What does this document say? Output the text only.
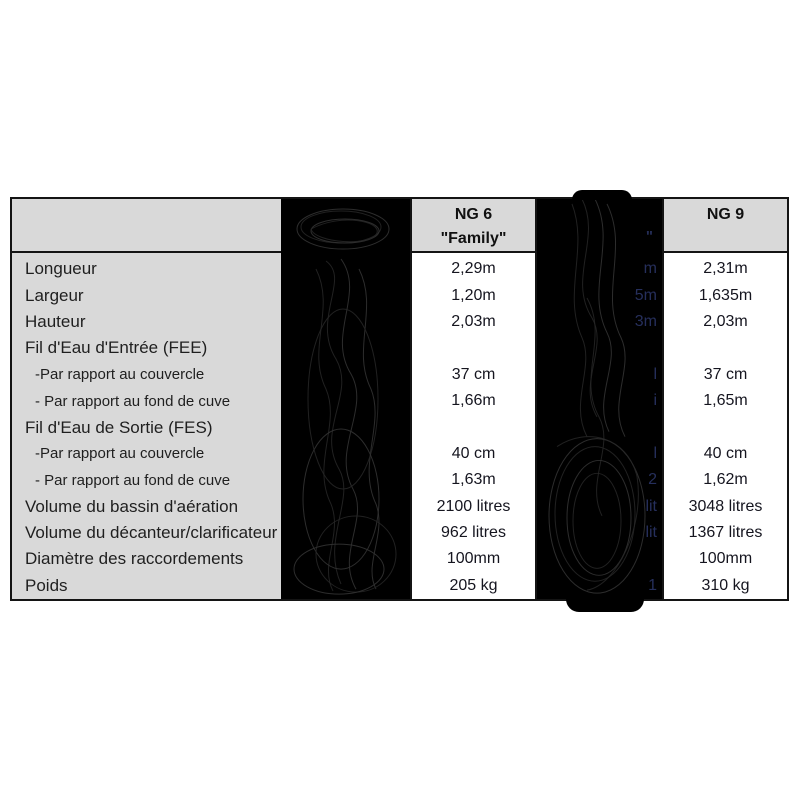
NG 6
"Family"	"
m
5m
3m
l
i
l
2
lit
lit
1
NG 9
Longueur
Largeur
Hauteur
Fil d'Eau d'Entrée (FEE)
-Par rapport au couvercle
- Par rapport au fond de cuve
Fil d'Eau de Sortie (FES)
-Par rapport au couvercle
- Par rapport au fond de cuve
Volume du bassin d'aération
Volume du décanteur/clarificateur
Diamètre des raccordements
Poids
2,29m
1,20m
2,03m
37 cm
1,66m
40 cm
1,63m
2100 litres
962 litres
100mm
205 kg
2,31m
1,635m
2,03m
37 cm
1,65m
40 cm
1,62m
3048 litres
1367 litres
100mm
310 kg
